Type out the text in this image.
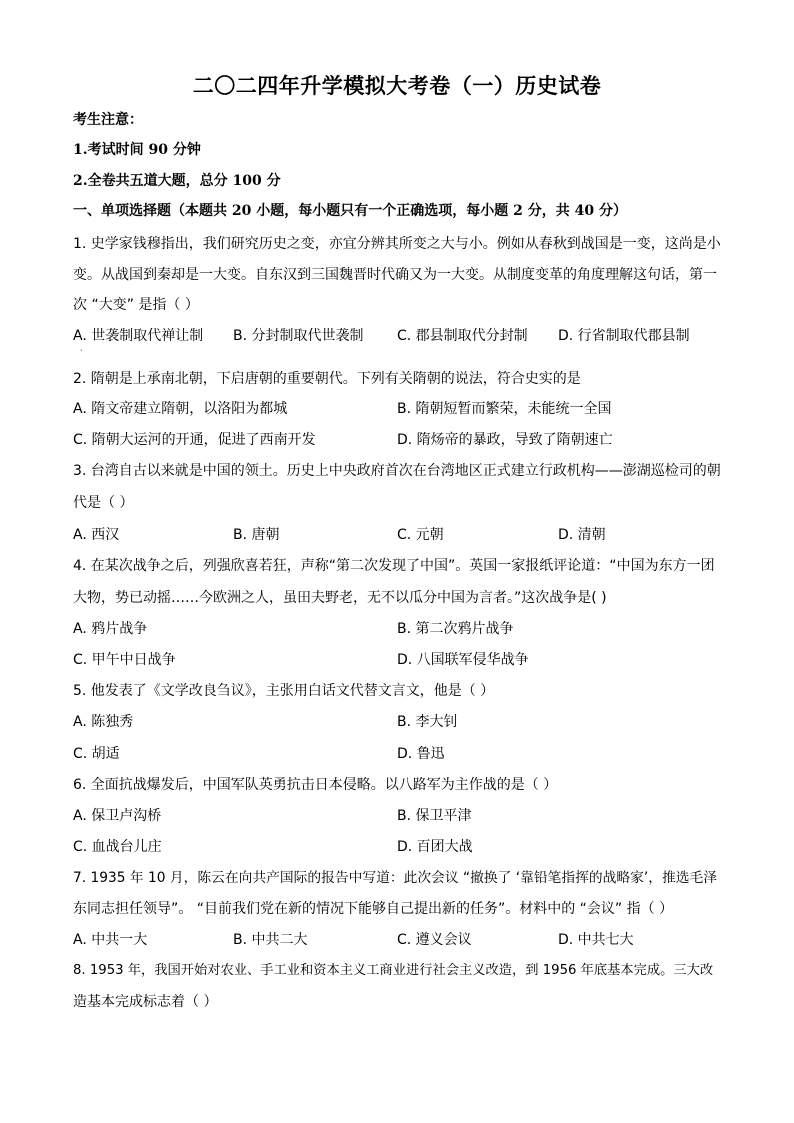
二〇二四年升学模拟大考卷（一）历史试卷
考生注意：
1.考试时间 90 分钟
2.全卷共五道大题，总分 100 分
一、单项选择题（本题共 20 小题，每小题只有一个正确选项，每小题 2 分，共 40 分）
1. 史学家钱穆指出，我们研究历史之变，亦宜分辨其所变之大与小。例如从春秋到战国是一变，这尚是小
变。从战国到秦却是一大变。自东汉到三国魏晋时代确又为一大变。从制度变革的角度理解这句话，第一
次 “大变” 是指（ ）
A. 世袭制取代禅让制 B. 分封制取代世袭制 C. 郡县制取代分封制 D. 行省制取代郡县制
·
2. 隋朝是上承南北朝，下启唐朝的重要朝代。下列有关隋朝的说法，符合史实的是
A. 隋文帝建立隋朝，以洛阳为都城	B. 隋朝短暂而繁荣，未能统一全国
C. 隋朝大运河的开通，促进了西南开发	D. 隋炀帝的暴政，导致了隋朝速亡
3. 台湾自古以来就是中国的领土。历史上中央政府首次在台湾地区正式建立行政机构——澎湖巡检司的朝
代是（ ）
A. 西汉	B. 唐朝	C. 元朝	D. 清朝
4. 在某次战争之后，列强欣喜若狂，声称“第二次发现了中国”。英国一家报纸评论道：“中国为东方一团
大物，势已动摇……今欧洲之人，虽田夫野老，无不以瓜分中国为言者。”这次战争是( )
A. 鸦片战争	B. 第二次鸦片战争
C. 甲午中日战争	D. 八国联军侵华战争
5. 他发表了《文学改良刍议》，主张用白话文代替文言文，他是（ ）
A. 陈独秀	B. 李大钊
C. 胡适	D. 鲁迅
6. 全面抗战爆发后，中国军队英勇抗击日本侵略。以八路军为主作战的是（ ）
A. 保卫卢沟桥	B. 保卫平津
C. 血战台儿庄	D. 百团大战
7. 1935 年 10 月，陈云在向共产国际的报告中写道：此次会议 “撤换了 ‘靠铅笔指挥的战略家’，推选毛泽
东同志担任领导”。 “目前我们党在新的情况下能够自己提出新的任务”。材料中的 “会议” 指（ ）
A. 中共一大	B. 中共二大	C. 遵义会议	D. 中共七大
8. 1953 年，我国开始对农业、手工业和资本主义工商业进行社会主义改造，到 1956 年底基本完成。三大改
造基本完成标志着（ ）
